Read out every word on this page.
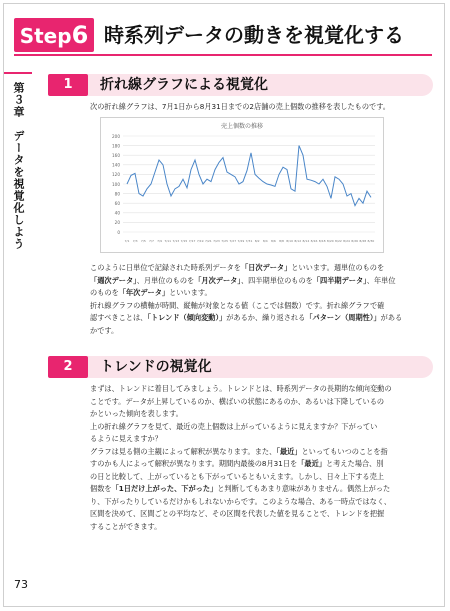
Step6 時系列データの動きを視覚化する
第３章　データを視覚化しよう	1	折れ線グラフによる視覚化
次の折れ線グラフは、7月1日から8月31日までの2店舗の売上個数の推移を表したものです。
売上個数の推移
0
20
40
60
80
100
120
140
160
180
200
7/1 7/3 7/5 7/7 7/9 7/11 7/13 7/15 7/17 7/19 7/21 7/23 7/25 7/27 7/29 7/31 8/2 8/4 8/6 8/8 8/10 8/12 8/14 8/16 8/18 8/20 8/22 8/24 8/26 8/28 8/30
このように日単位で記録された時系列データを「日次データ」といいます。週単位のものを
「週次データ」、月単位のものを「月次データ」、四半期単位のものを「四半期データ」、年単位
のものを「年次データ」といいます。
折れ線グラフの横軸が時間、縦軸が対象となる値（ここでは個数）です。折れ線グラフで確
認すべきことは、「トレンド（傾向変動）」があるか、繰り返される「パターン（周期性）」がある
かです。
2	トレンドの視覚化
まずは、トレンドに着目してみましょう。トレンドとは、時系列データの長期的な傾向変動の
ことです。データが上昇しているのか、横ばいの状態にあるのか、あるいは下降しているの
かといった傾向を表します。
上の折れ線グラフを見て、最近の売上個数は上がっているように見えますか？下がってい
るように見えますか？
グラフは見る側の主観によって解釈が異なります。また、「最近」といってもいつのことを指
すのかも人によって解釈が異なります。期間内最後の8月31日を「最近」と考えた場合、別
の日と比較して、上がっているとも下がっているともいえます。しかし、日々上下する売上
個数を「1日だけ上がった、下がった」と判断してもあまり意味がありません。偶然上がった
り、下がったりしているだけかもしれないからです。このような場合、ある一時点ではなく、
区間を決めて、区間ごとの平均など、その区間を代表した値を見ることで、トレンドを把握
することができます。
73
